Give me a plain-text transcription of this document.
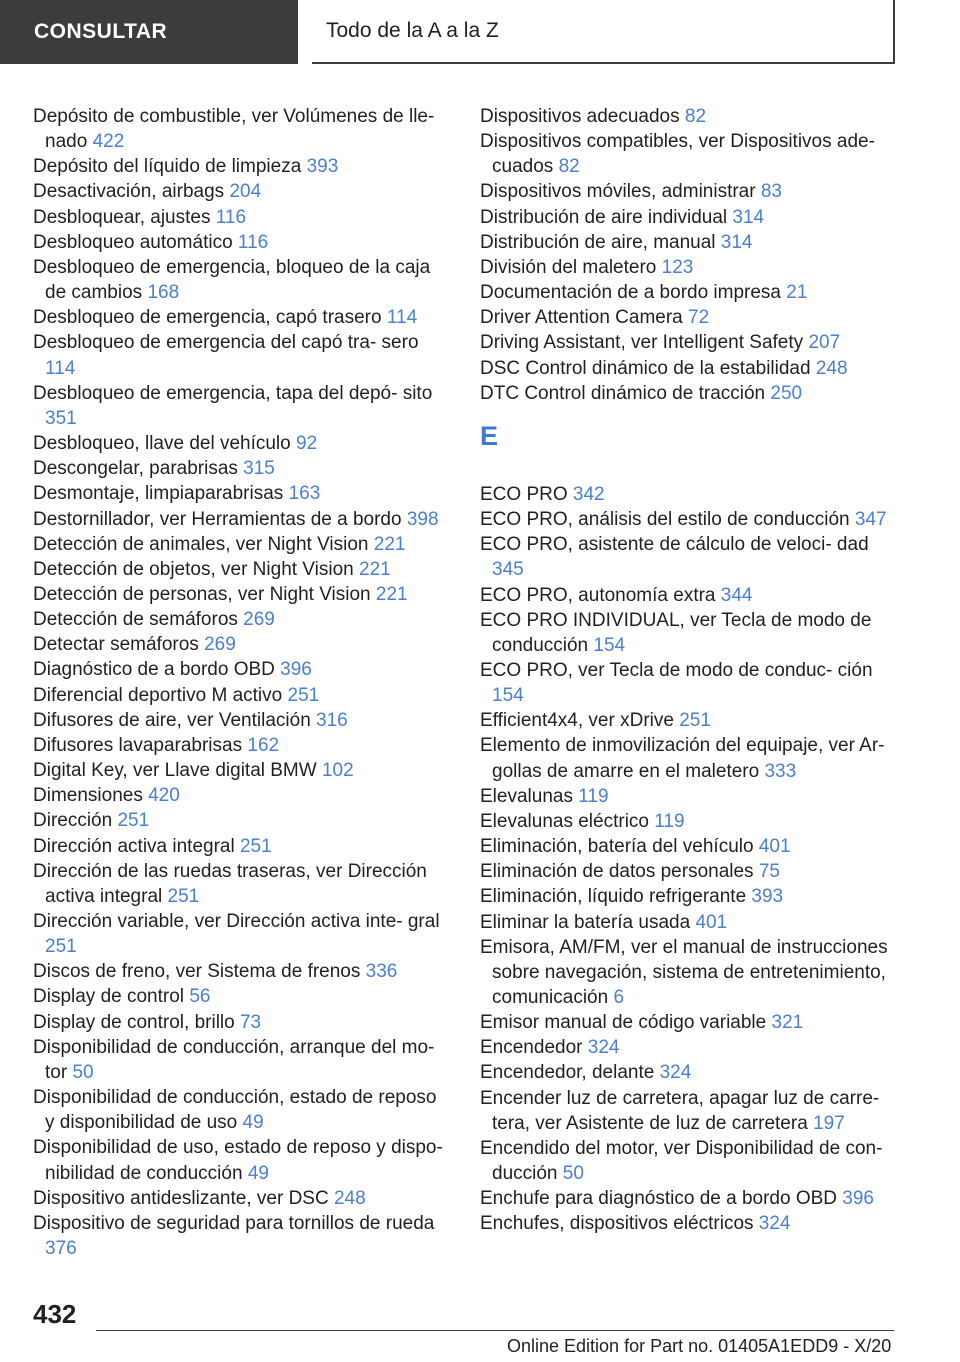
CONSULTAR	Todo de la A a la Z
Depósito de combustible, ver Volúmenes de lle‐ nado 422
Depósito del líquido de limpieza 393
Desactivación, airbags 204
Desbloquear, ajustes 116
Desbloqueo automático 116
Desbloqueo de emergencia, bloqueo de la caja de cambios 168
Desbloqueo de emergencia, capó trasero 114
Desbloqueo de emergencia del capó tra‐ sero 114
Desbloqueo de emergencia, tapa del depó‐ sito 351
Desbloqueo, llave del vehículo 92
Descongelar, parabrisas 315
Desmontaje, limpiaparabrisas 163
Destornillador, ver Herramientas de a bordo 398
Detección de animales, ver Night Vision 221
Detección de objetos, ver Night Vision 221
Detección de personas, ver Night Vision 221
Detección de semáforos 269
Detectar semáforos 269
Diagnóstico de a bordo OBD 396
Diferencial deportivo M activo 251
Difusores de aire, ver Ventilación 316
Difusores lavaparabrisas 162
Digital Key, ver Llave digital BMW 102
Dimensiones 420
Dirección 251
Dirección activa integral 251
Dirección de las ruedas traseras, ver Dirección activa integral 251
Dirección variable, ver Dirección activa inte‐ gral 251
Discos de freno, ver Sistema de frenos 336
Display de control 56
Display de control, brillo 73
Disponibilidad de conducción, arranque del mo‐ tor 50
Disponibilidad de conducción, estado de reposo y disponibilidad de uso 49
Disponibilidad de uso, estado de reposo y dispo‐ nibilidad de conducción 49
Dispositivo antideslizante, ver DSC 248
Dispositivo de seguridad para tornillos de rueda 376
Dispositivos adecuados 82
Dispositivos compatibles, ver Dispositivos ade‐ cuados 82
Dispositivos móviles, administrar 83
Distribución de aire individual 314
Distribución de aire, manual 314
División del maletero 123
Documentación de a bordo impresa 21
Driver Attention Camera 72
Driving Assistant, ver Intelligent Safety 207
DSC Control dinámico de la estabilidad 248
DTC Control dinámico de tracción 250
E
ECO PRO 342
ECO PRO, análisis del estilo de conducción 347
ECO PRO, asistente de cálculo de veloci‐ dad 345
ECO PRO, autonomía extra 344
ECO PRO INDIVIDUAL, ver Tecla de modo de conducción 154
ECO PRO, ver Tecla de modo de conduc‐ ción 154
Efficient4x4, ver xDrive 251
Elemento de inmovilización del equipaje, ver Ar‐ gollas de amarre en el maletero 333
Elevalunas 119
Elevalunas eléctrico 119
Eliminación, batería del vehículo 401
Eliminación de datos personales 75
Eliminación, líquido refrigerante 393
Eliminar la batería usada 401
Emisora, AM/FM, ver el manual de instrucciones sobre navegación, sistema de entretenimiento, comunicación 6
Emisor manual de código variable 321
Encendedor 324
Encendedor, delante 324
Encender luz de carretera, apagar luz de carre‐ tera, ver Asistente de luz de carretera 197
Encendido del motor, ver Disponibilidad de con‐ ducción 50
Enchufe para diagnóstico de a bordo OBD 396
Enchufes, dispositivos eléctricos 324
432
Online Edition for Part no. 01405A1EDD9 - X/20
